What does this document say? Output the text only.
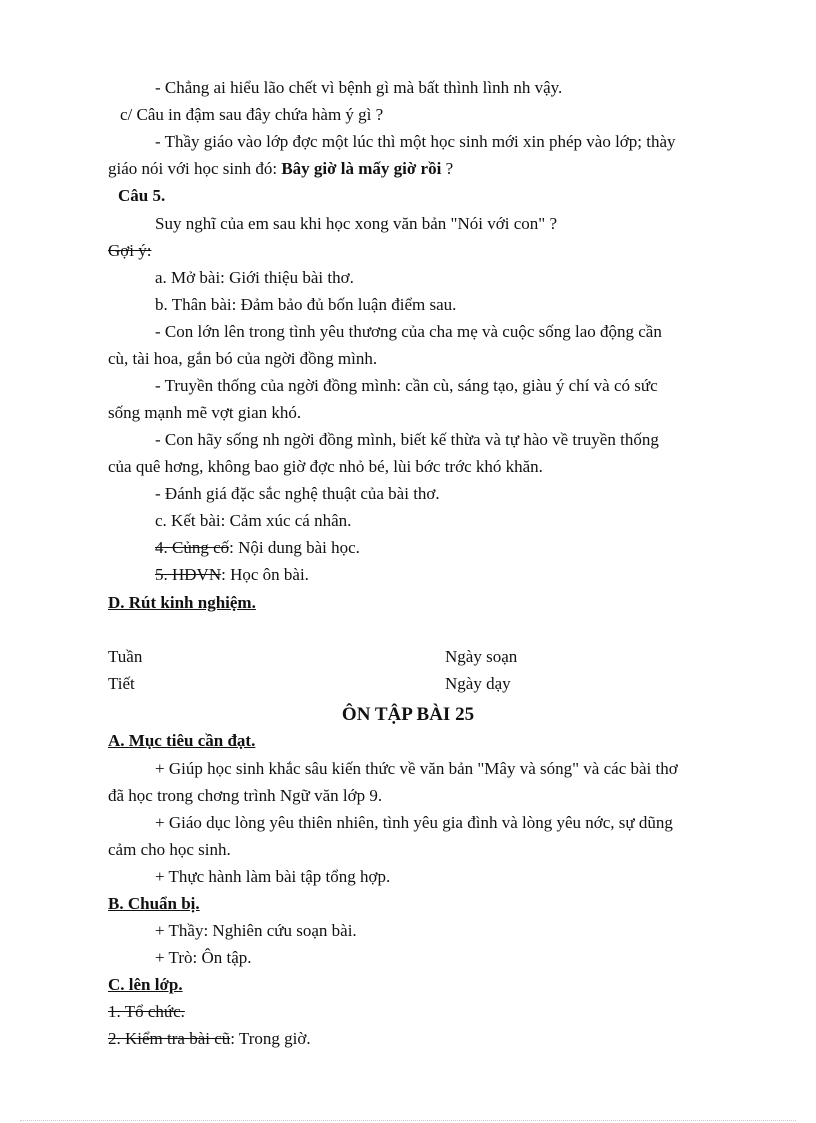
- Chẳng ai hiểu lão chết vì bệnh gì mà bất thình lình nh vậy.
c/ Câu in đậm sau đây chứa hàm ý gì ?
- Thầy giáo vào lớp đợc một lúc thì một học sinh mới xin phép vào lớp; thày
giáo nói với học sinh đó: Bây giờ là mấy giờ rồi ?
Câu 5.
Suy nghĩ của em sau khi học xong văn bản "Nói với con" ?
Gợi ý:
a. Mở bài: Giới thiệu bài thơ.
b. Thân bài: Đảm bảo đủ bốn luận điểm sau.
- Con lớn lên trong tình yêu thương của cha mẹ và cuộc sống lao động cần
cù, tài hoa, gắn bó của ngời đồng mình.
- Truyền thống của ngời đồng mình: cần cù, sáng tạo, giàu ý chí và có sức
sống mạnh mẽ vợt gian khó.
- Con hãy sống nh ngời đồng mình, biết kế thừa và tự hào về truyền thống
của quê hơng, không bao giờ đợc nhỏ bé, lùi bớc trớc khó khăn.
- Đánh giá đặc sắc nghệ thuật của bài thơ.
c. Kết bài: Cảm xúc cá nhân.
4. Củng cố: Nội dung bài học.
5. HDVN: Học ôn bài.
D. Rút kinh nghiệm.
Tuần	Ngày soạn
Tiết	Ngày dạy
ÔN TẬP BÀI 25
A. Mục tiêu cần đạt.
+ Giúp học sinh khắc sâu kiến thức về văn bản "Mây và sóng" và các bài thơ
đã học trong chơng trình Ngữ văn lớp 9.
+ Giáo dục lòng yêu thiên nhiên, tình yêu gia đình và lòng yêu nớc, sự dũng
cảm cho học sinh.
+ Thực hành làm bài tập tổng hợp.
B. Chuẩn bị.
+ Thầy: Nghiên cứu soạn bài.
+ Trò: Ôn tập.
C. lên lớp.
1. Tổ chức.
2. Kiểm tra bài cũ: Trong giờ.
